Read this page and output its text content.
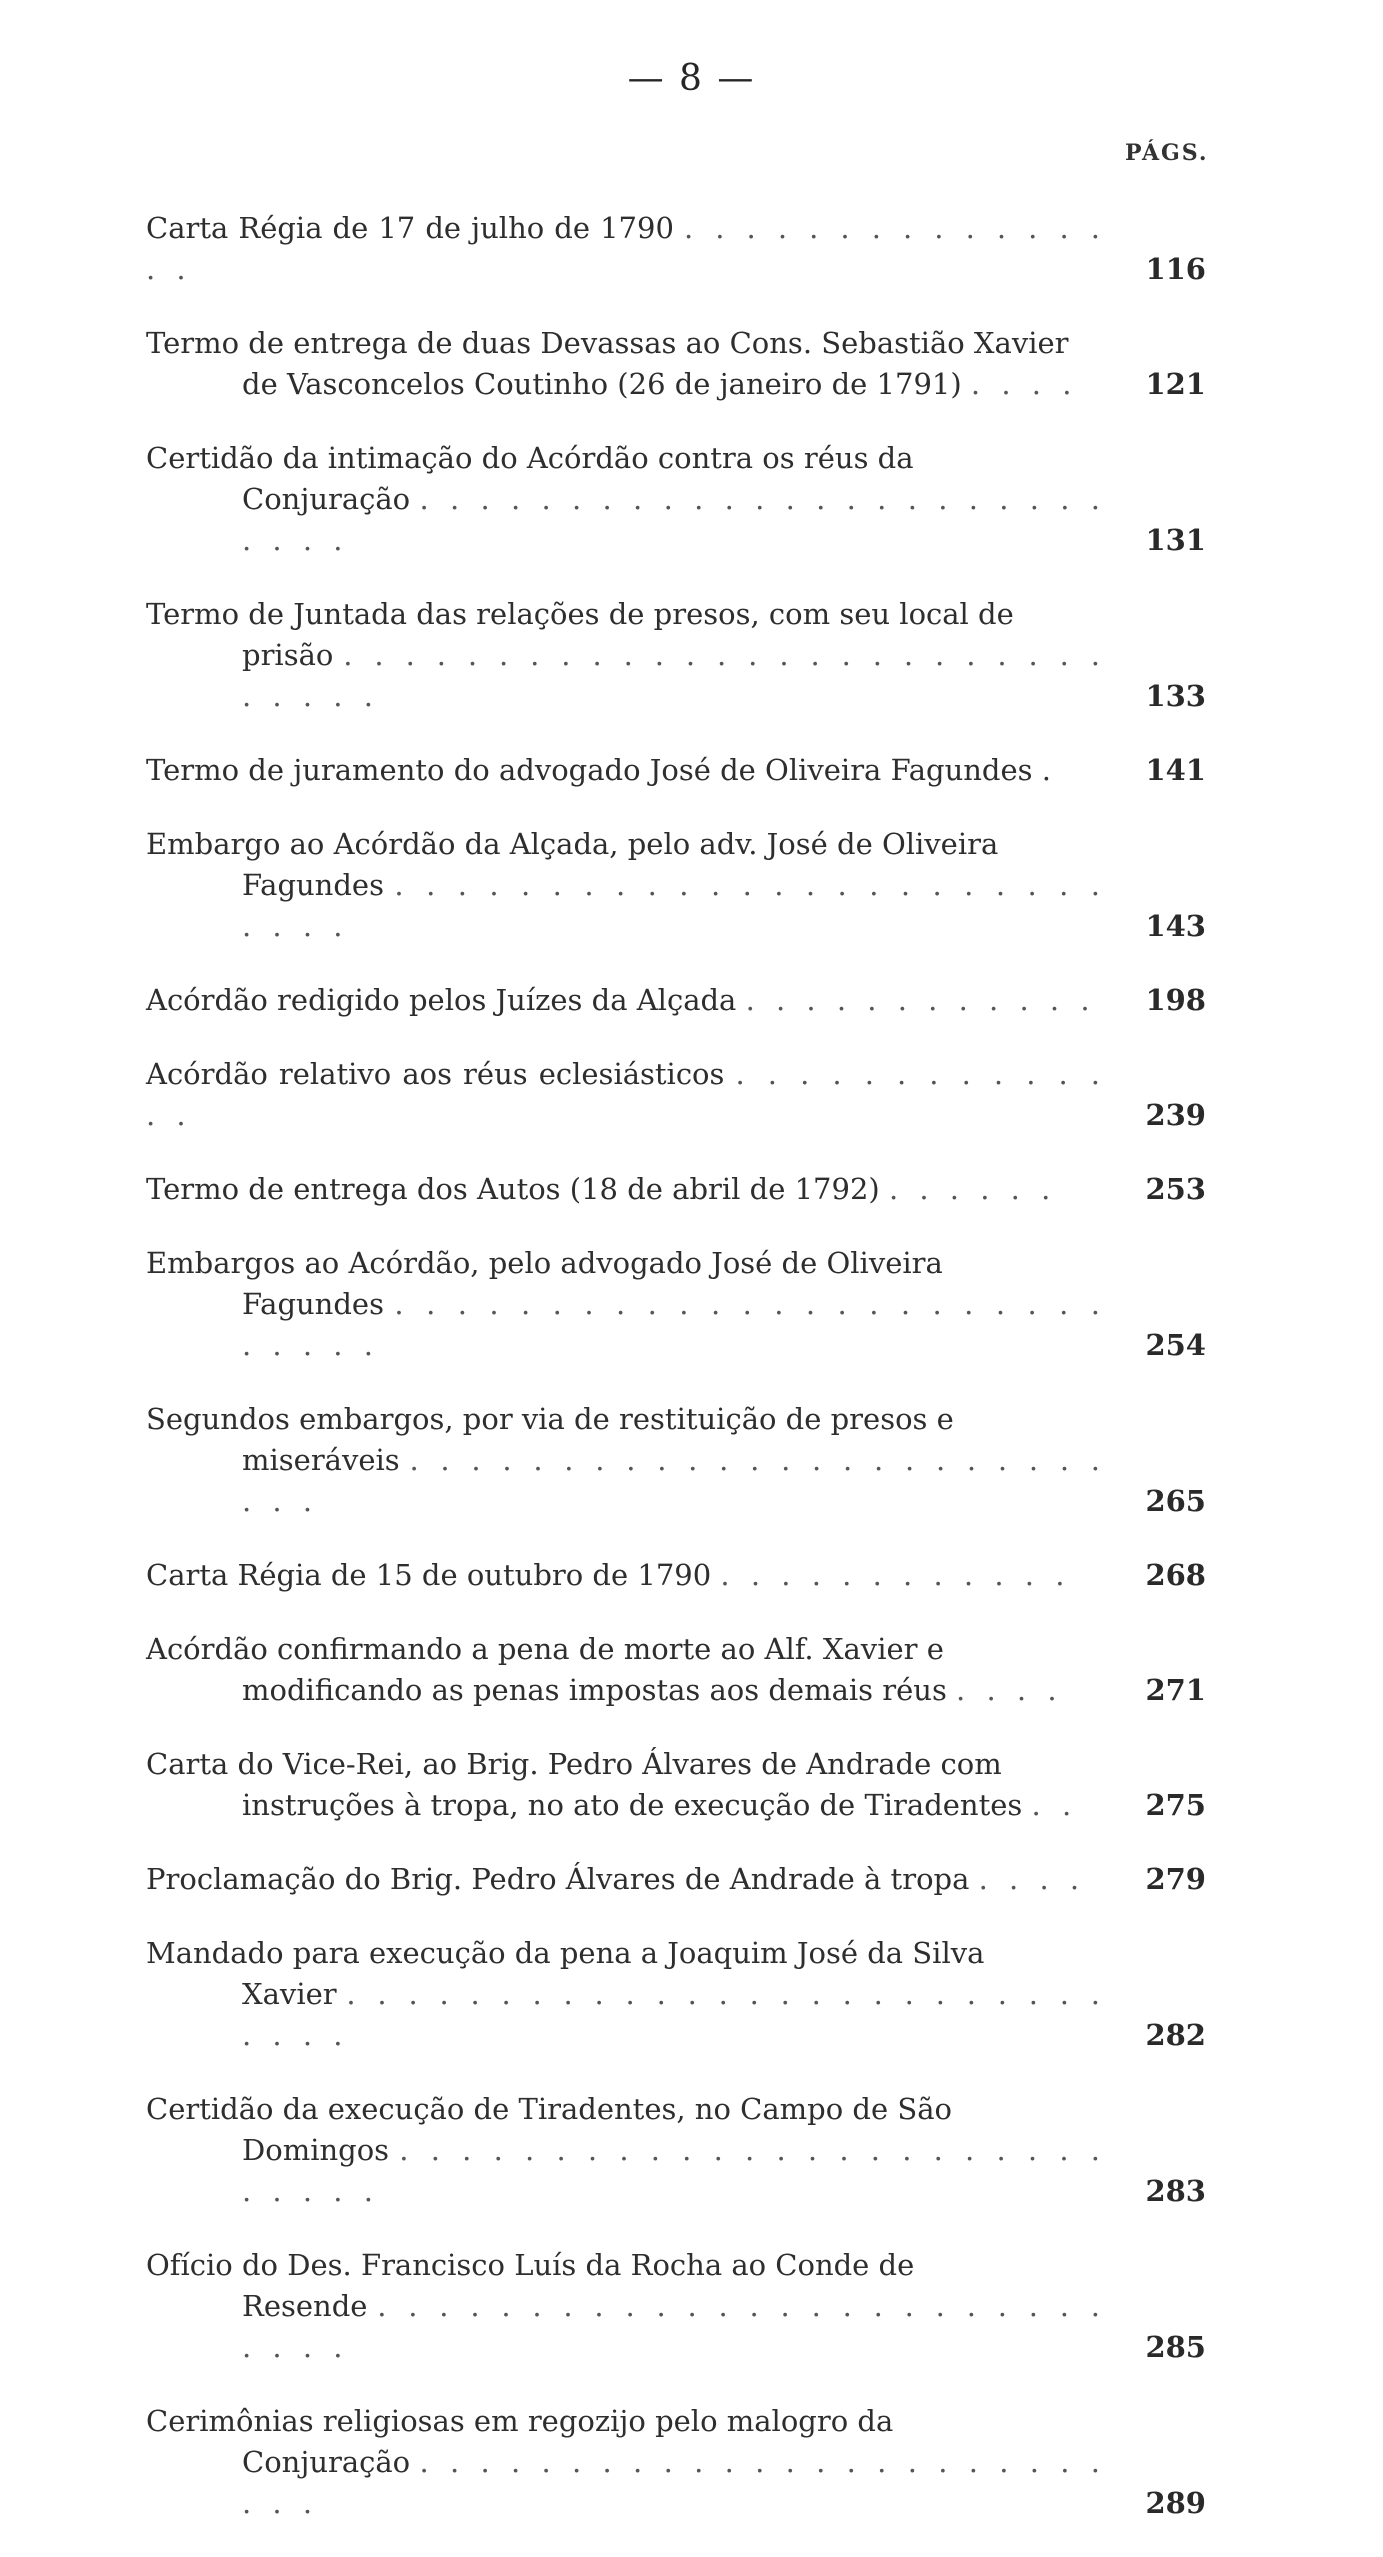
— 8 —
PÁGS.
Carta Régia de 17 de julho de 1790 . . . . . . . . . . . . . . . .	116
Termo de entrega de duas Devassas ao Cons. Sebastião Xavier
de Vasconcelos Coutinho (26 de janeiro de 1791) . . . .	121
Certidão da intimação do Acórdão contra os réus da
Conjuração . . . . . . . . . . . . . . . . . . . . . . . . . . .	131
Termo de Juntada das relações de presos, com seu local de
prisão . . . . . . . . . . . . . . . . . . . . . . . . . . . . . .	133
Termo de juramento do advogado José de Oliveira Fagundes .	141
Embargo ao Acórdão da Alçada, pelo adv. José de Oliveira
Fagundes . . . . . . . . . . . . . . . . . . . . . . . . . . .	143
Acórdão redigido pelos Juízes da Alçada . . . . . . . . . . . .	198
Acórdão relativo aos réus eclesiásticos . . . . . . . . . . . . . .	239
Termo de entrega dos Autos (18 de abril de 1792) . . . . . .	253
Embargos ao Acórdão, pelo advogado José de Oliveira
Fagundes . . . . . . . . . . . . . . . . . . . . . . . . . . . .	254
Segundos embargos, por via de restituição de presos e
miseráveis . . . . . . . . . . . . . . . . . . . . . . . . . .	265
Carta Régia de 15 de outubro de 1790 . . . . . . . . . . . .	268
Acórdão confirmando a pena de morte ao Alf. Xavier e
modificando as penas impostas aos demais réus . . . .	271
Carta do Vice-Rei, ao Brig. Pedro Álvares de Andrade com
instruções à tropa, no ato de execução de Tiradentes . .	275
Proclamação do Brig. Pedro Álvares de Andrade à tropa . . . .	279
Mandado para execução da pena a Joaquim José da Silva
Xavier . . . . . . . . . . . . . . . . . . . . . . . . . . . . .	282
Certidão da execução de Tiradentes, no Campo de São
Domingos . . . . . . . . . . . . . . . . . . . . . . . . . . . .	283
Ofício do Des. Francisco Luís da Rocha ao Conde de
Resende . . . . . . . . . . . . . . . . . . . . . . . . . . . .	285
Cerimônias religiosas em regozijo pelo malogro da
Conjuração . . . . . . . . . . . . . . . . . . . . . . . . . .	289
